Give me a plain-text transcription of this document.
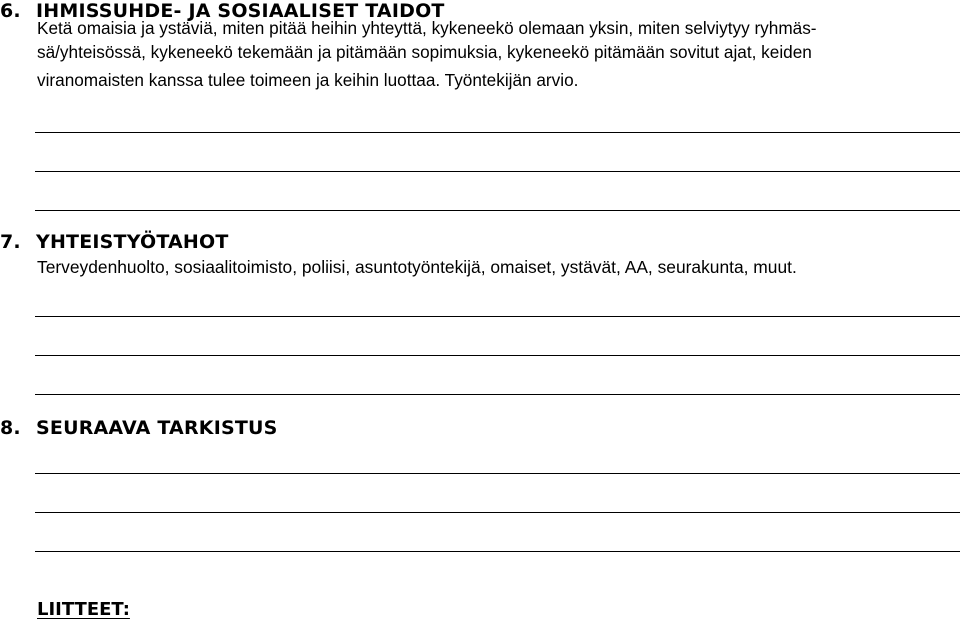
6. IHMISSUHDE- JA SOSIAALISET TAIDOT

Ketä omaisia ja ystäviä, miten pitää heihin yhteyttä, kykeneekö olemaan yksin, miten selviytyy ryhmäs-

sä/yhteisössä, kykeneekö tekemään ja pitämään sopimuksia, kykeneekö pitämään sovitut ajat, keiden

viranomaisten kanssa tulee toimeen ja keihin luottaa. Työntekijän arvio.

7. YHTEISTYÖTAHOT

Terveydenhuolto, sosiaalitoimisto, poliisi, asuntotyöntekijä, omaiset, ystävät, AA, seurakunta, muut.

8. SEURAAVA TARKISTUS

LIITTEET:
